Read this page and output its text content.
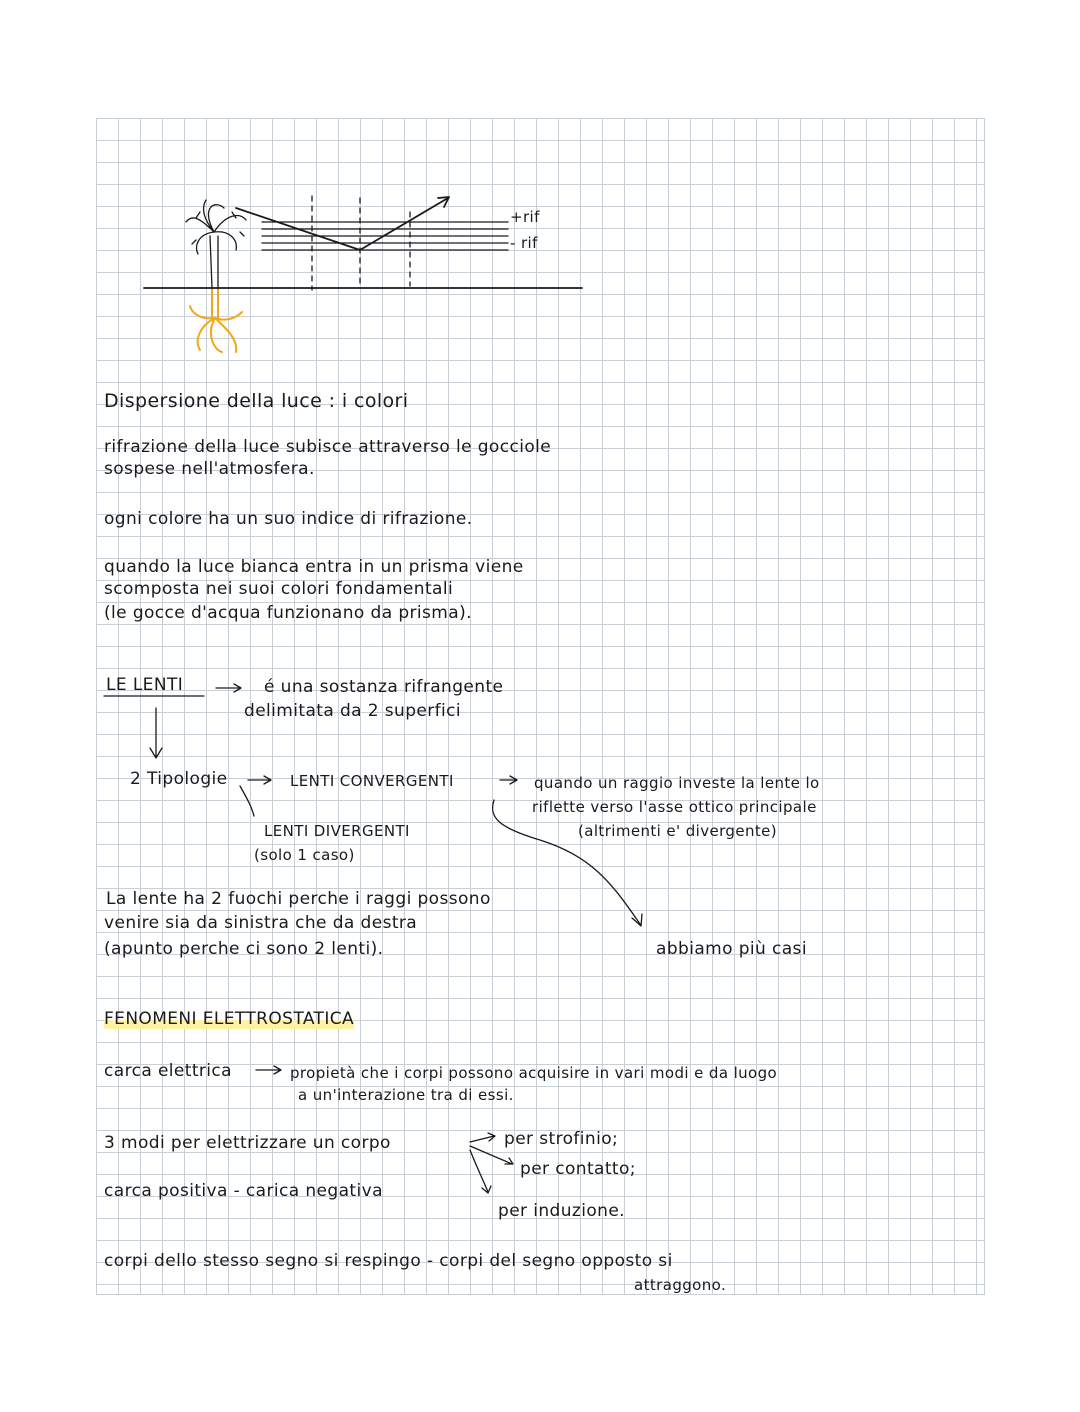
+rif
- rif
Dispersione della luce : i colori
rifrazione della luce subisce attraverso le gocciole
sospese nell'atmosfera.
ogni colore ha un suo indice di rifrazione.
quando la luce bianca entra in un prisma viene
scomposta nei suoi colori fondamentali
(le gocce d'acqua funzionano da prisma).
LE LENTI	é una sostanza rifrangente
delimitata da 2 superfici
2 Tipologie	LENTI CONVERGENTI	quando un raggio investe la lente lo
riflette verso l'asse ottico principale
(altrimenti e' divergente)
LENTI DIVERGENTI
(solo 1 caso)
La lente ha 2 fuochi perche i raggi possono
venire sia da sinistra che da destra
(apunto perche ci sono 2 lenti).	abbiamo più casi
FENOMENI ELETTROSTATICA
carca elettrica	propietà che i corpi possono acquisire in vari modi e da luogo
a un'interazione tra di essi.
3 modi per elettrizzare un corpo	per strofinio;
per contatto;
carca positiva - carica negativa
per induzione.
corpi dello stesso segno si respingo - corpi del segno opposto si
attraggono.
